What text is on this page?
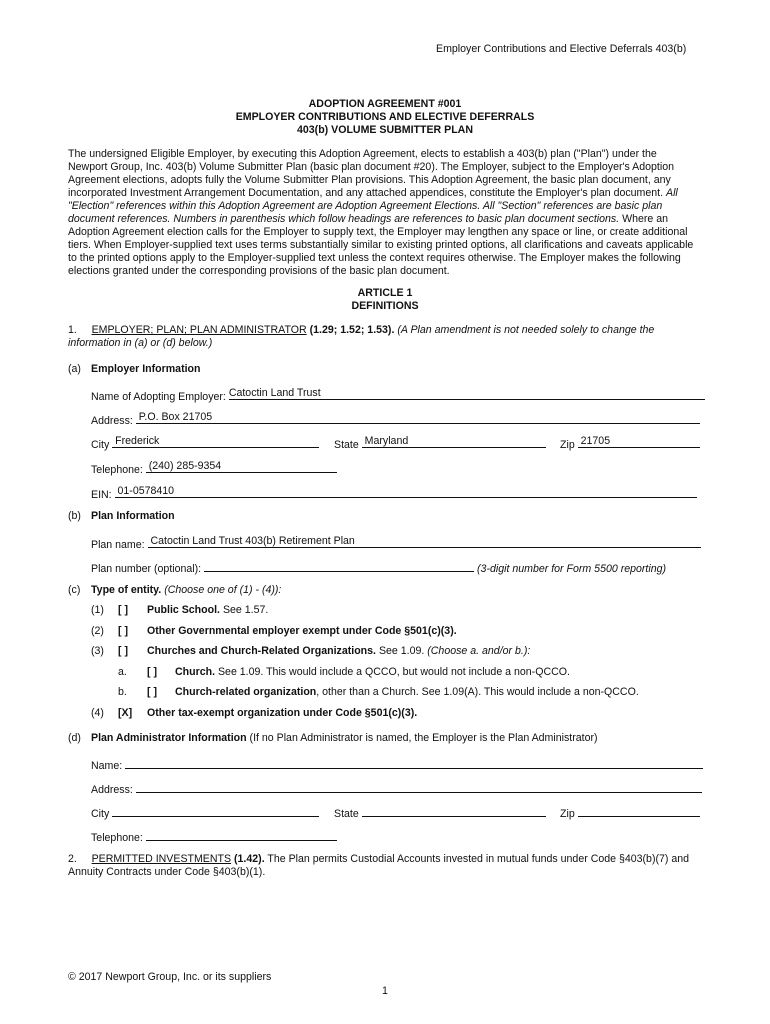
Employer Contributions and Elective Deferrals 403(b)
ADOPTION AGREEMENT #001
EMPLOYER CONTRIBUTIONS AND ELECTIVE DEFERRALS
403(b) VOLUME SUBMITTER PLAN
The undersigned Eligible Employer, by executing this Adoption Agreement, elects to establish a 403(b) plan ("Plan") under the
Newport Group, Inc. 403(b) Volume Submitter Plan (basic plan document #20). The Employer, subject to the Employer's Adoption
Agreement elections, adopts fully the Volume Submitter Plan provisions. This Adoption Agreement, the basic plan document, any
incorporated Investment Arrangement Documentation, and any attached appendices, constitute the Employer's plan document. All
"Election" references within this Adoption Agreement are Adoption Agreement Elections. All "Section" references are basic plan
document references. Numbers in parenthesis which follow headings are references to basic plan document sections. Where an
Adoption Agreement election calls for the Employer to supply text, the Employer may lengthen any space or line, or create additional
tiers. When Employer-supplied text uses terms substantially similar to existing printed options, all clarifications and caveats applicable
to the printed options apply to the Employer-supplied text unless the context requires otherwise. The Employer makes the following
elections granted under the corresponding provisions of the basic plan document.
ARTICLE 1
DEFINITIONS
1. EMPLOYER; PLAN; PLAN ADMINISTRATOR (1.29; 1.52; 1.53). (A Plan amendment is not needed solely to change the
information in (a) or (d) below.)
(a) Employer Information
Name of Adopting Employer: Catoctin Land Trust
Address: P.O. Box 21705
City Frederick	State Maryland	Zip 21705
Telephone: (240) 285-9354
EIN: 01-0578410
(b) Plan Information
Plan name: Catoctin Land Trust 403(b) Retirement Plan
Plan number (optional):	(3-digit number for Form 5500 reporting)
(c) Type of entity. (Choose one of (1) - (4)):
(1) [ ] Public School. See 1.57.
(2) [ ] Other Governmental employer exempt under Code §501(c)(3).
(3) [ ] Churches and Church-Related Organizations. See 1.09. (Choose a. and/or b.):
a. [ ] Church. See 1.09. This would include a QCCO, but would not include a non-QCCO.
b. [ ] Church-related organization, other than a Church. See 1.09(A). This would include a non-QCCO.
(4) [X] Other tax-exempt organization under Code §501(c)(3).
(d) Plan Administrator Information (If no Plan Administrator is named, the Employer is the Plan Administrator)
Name:
Address:
City	State	Zip
Telephone:
2. PERMITTED INVESTMENTS (1.42). The Plan permits Custodial Accounts invested in mutual funds under Code §403(b)(7) and
Annuity Contracts under Code §403(b)(1).
© 2017 Newport Group, Inc. or its suppliers
1
